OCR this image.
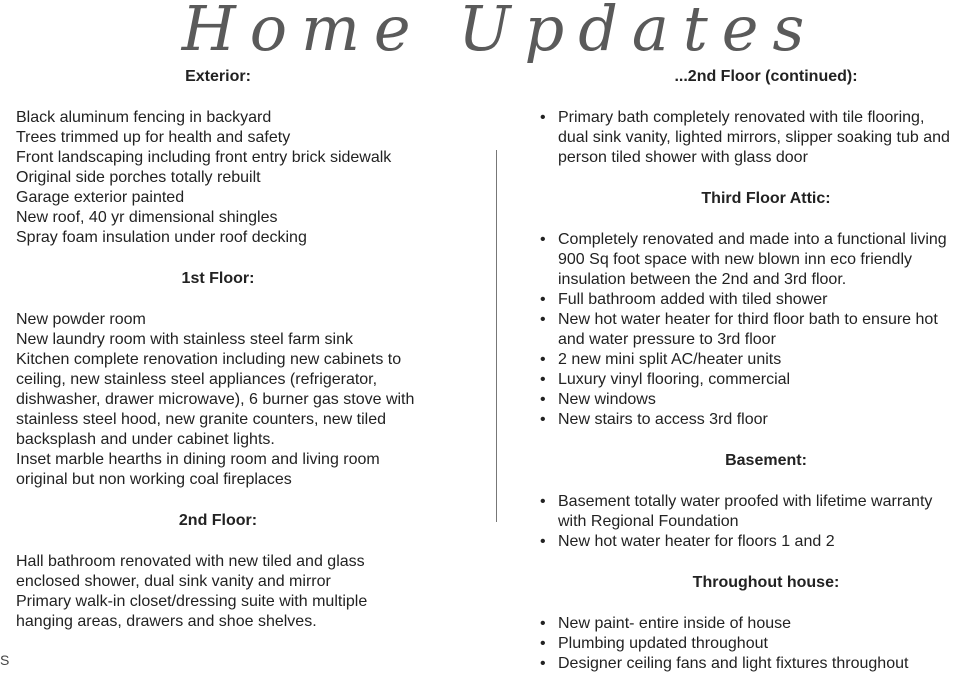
Home Updates
Exterior:
• Black aluminum fencing in backyard
• Trees trimmed up for health and safety
• Front landscaping including front entry brick sidewalk
• Original side porches totally rebuilt
• Garage exterior painted
• New roof, 40 yr dimensional shingles
• Spray foam insulation under roof decking
1st Floor:
• New powder room
• New laundry room with stainless steel farm sink
• Kitchen complete renovation including new cabinets to
ceiling, new stainless steel appliances (refrigerator,
dishwasher, drawer microwave), 6 burner gas stove with
stainless steel hood, new granite counters, new tiled
backsplash and under cabinet lights.
• Inset marble hearths in dining room and living room
original but non working coal fireplaces
2nd Floor:
• Hall bathroom renovated with new tiled and glass
enclosed shower, dual sink vanity and mirror
• Primary walk-in closet/dressing suite with multiple
hanging areas, drawers and shoe shelves.
...2nd Floor (continued):
• Primary bath completely renovated with tile flooring,
dual sink vanity, lighted mirrors, slipper soaking tub and
person tiled shower with glass door
Third Floor Attic:
• Completely renovated and made into a functional living
900 Sq foot space with new blown inn eco friendly
insulation between the 2nd and 3rd floor.
• Full bathroom added with tiled shower
• New hot water heater for third floor bath to ensure hot
and water pressure to 3rd floor
• 2 new mini split AC/heater units
• Luxury vinyl flooring, commercial
• New windows
• New stairs to access 3rd floor
Basement:
• Basement totally water proofed with lifetime warranty
with Regional Foundation
• New hot water heater for floors 1 and 2
Throughout house:
• New paint- entire inside of house
• Plumbing updated throughout
• Designer ceiling fans and light fixtures throughout
S
